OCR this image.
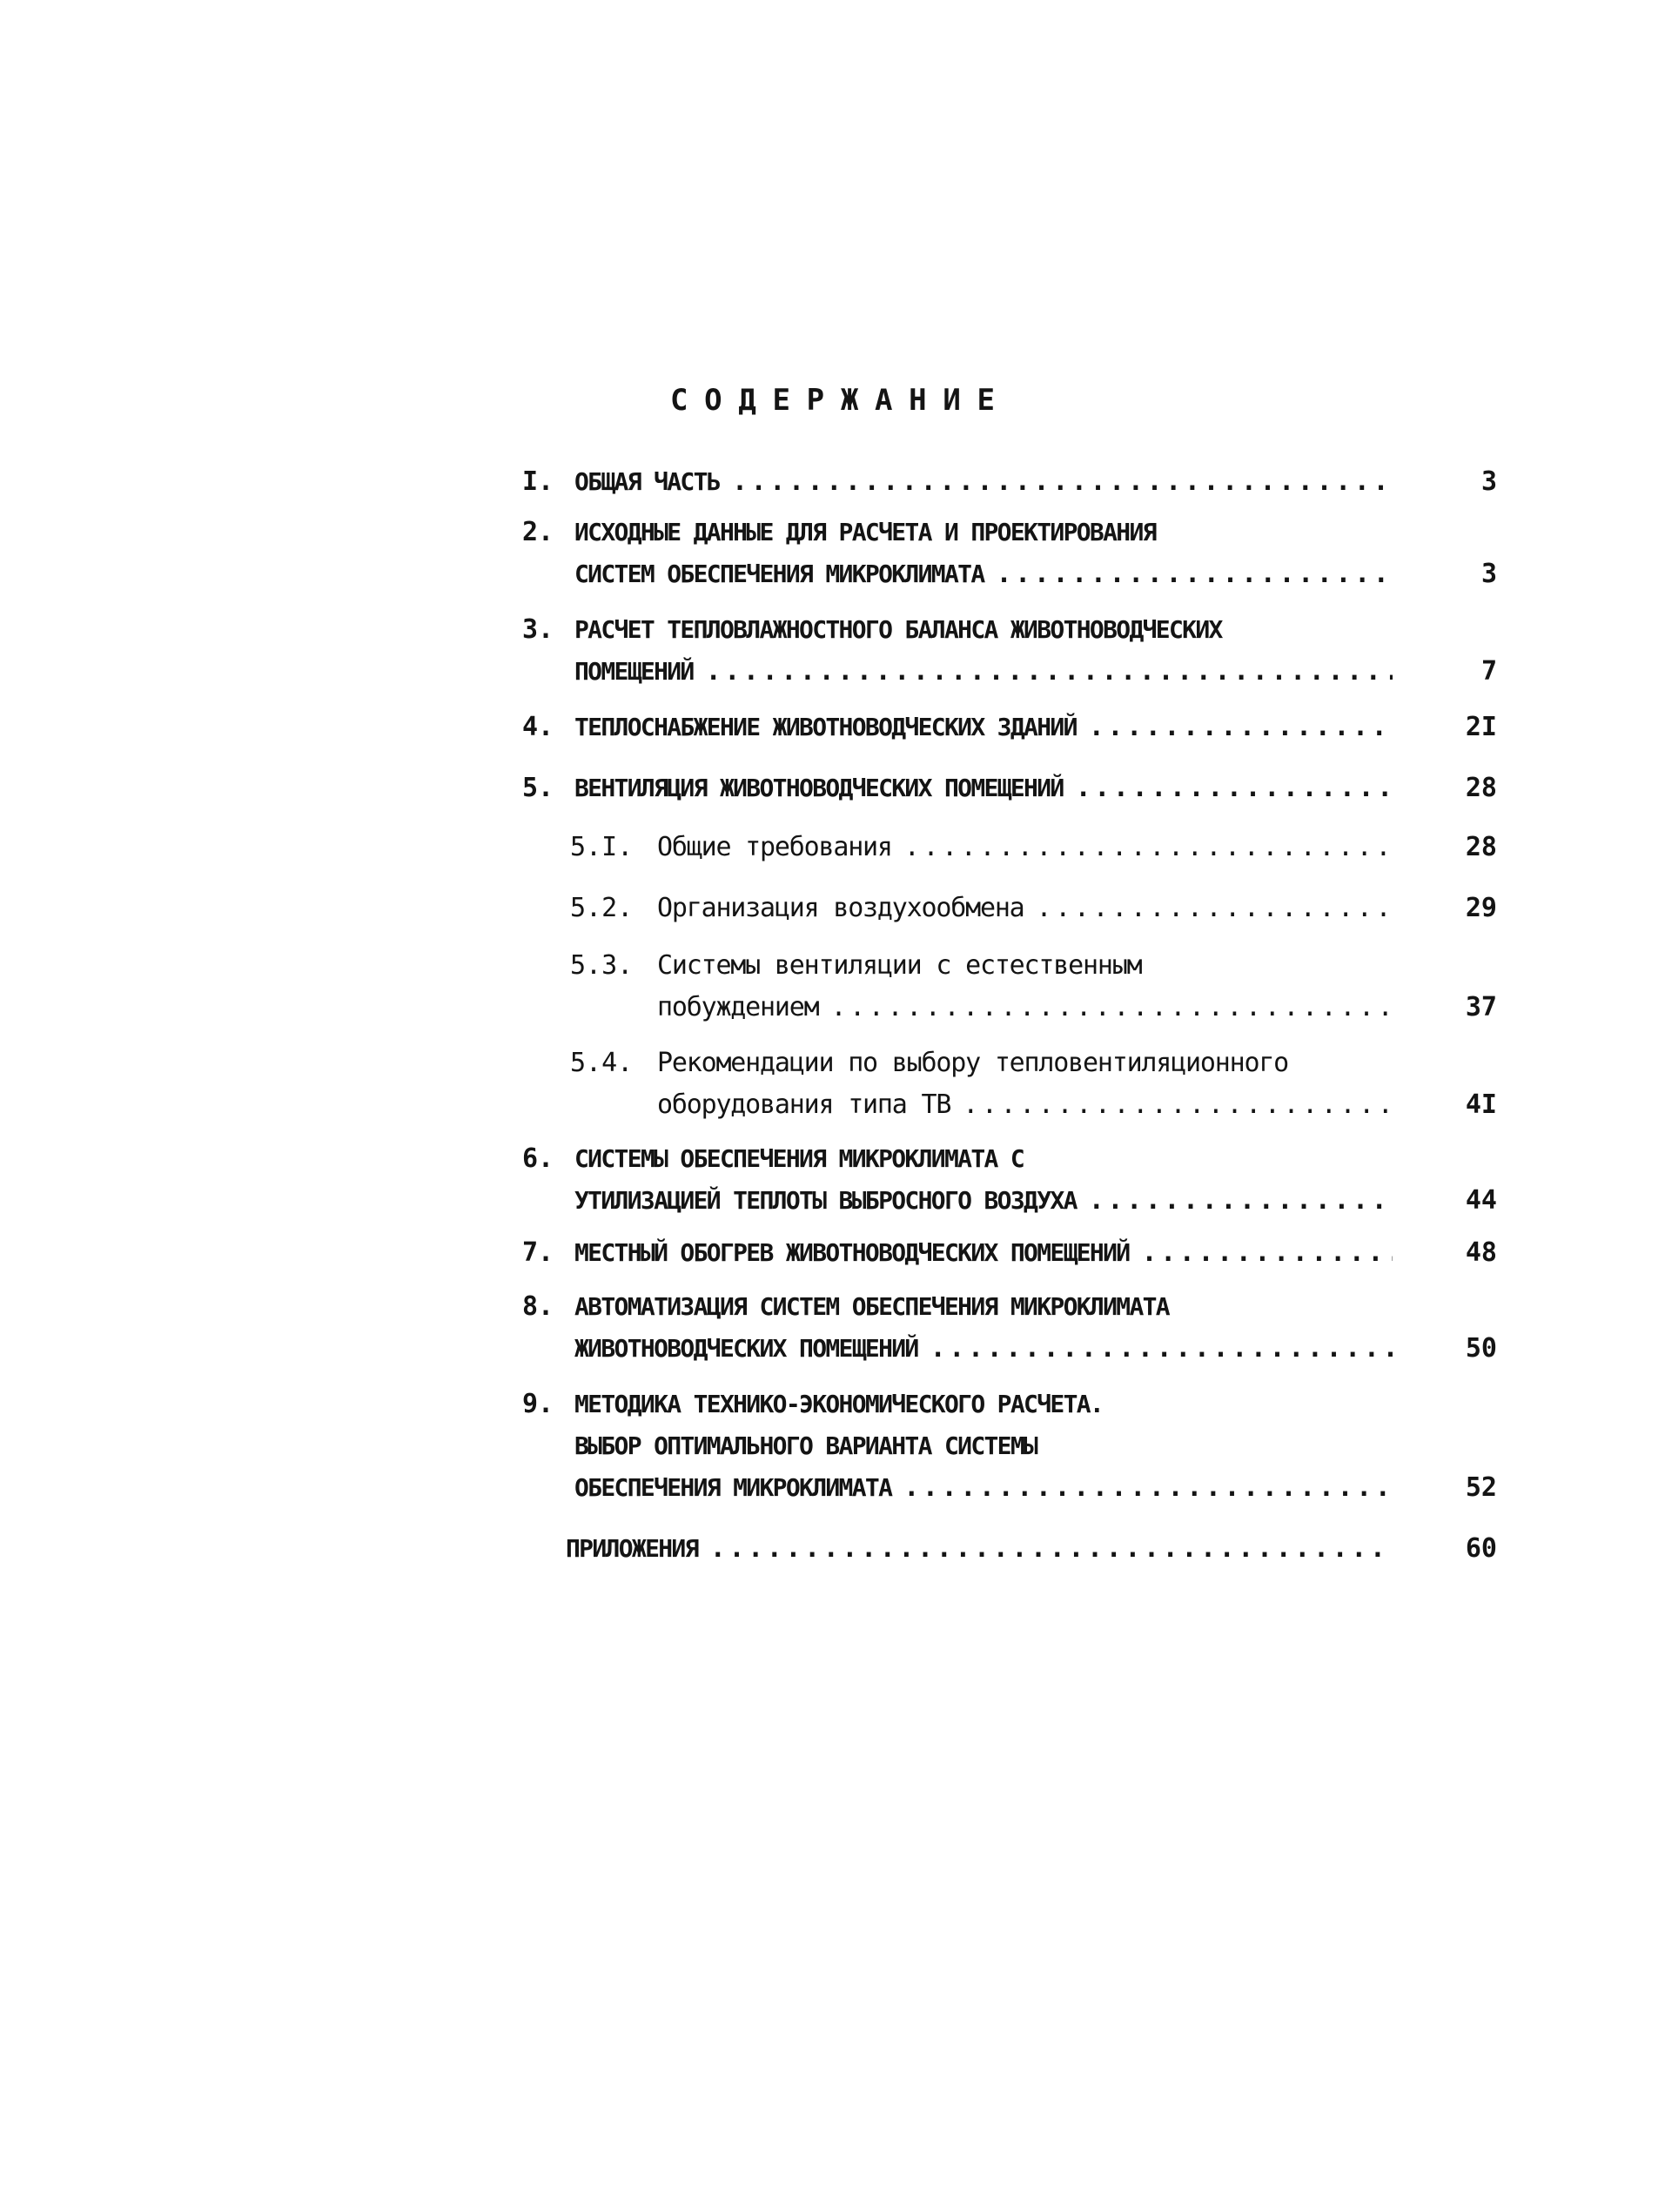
СОДЕРЖАНИЕ
I. ОБЩАЯ ЧАСТЬ .....	3
2. ИСХОДНЫЕ ДАННЫЕ ДЛЯ РАСЧЕТА И ПРОЕКТИРОВАНИЯ
СИСТЕМ ОБЕСПЕЧЕНИЯ МИКРОКЛИМАТА .....	3
3. РАСЧЕТ ТЕПЛОВЛАЖНОСТНОГО БАЛАНСА ЖИВОТНОВОДЧЕСКИХ
ПОМЕЩЕНИЙ .....	7
4. ТЕПЛОСНАБЖЕНИЕ ЖИВОТНОВОДЧЕСКИХ ЗДАНИЙ .....	2I
5. ВЕНТИЛЯЦИЯ ЖИВОТНОВОДЧЕСКИХ ПОМЕЩЕНИЙ .....	28
5.I. Общие требования .....	28
5.2. Организация воздухообмена .....	29
5.3. Системы вентиляции с естественным
побуждением .....	37
5.4. Рекомендации по выбору тепловентиляционного
оборудования типа ТВ .....	4I
6. СИСТЕМЫ ОБЕСПЕЧЕНИЯ МИКРОКЛИМАТА С
УТИЛИЗАЦИЕЙ ТЕПЛОТЫ ВЫБРОСНОГО ВОЗДУХА .....	44
7. МЕСТНЫЙ ОБОГРЕВ ЖИВОТНОВОДЧЕСКИХ ПОМЕЩЕНИЙ .....	48
8. АВТОМАТИЗАЦИЯ СИСТЕМ ОБЕСПЕЧЕНИЯ МИКРОКЛИМАТА
ЖИВОТНОВОДЧЕСКИХ ПОМЕЩЕНИЙ .....	50
9. МЕТОДИКА ТЕХНИКО-ЭКОНОМИЧЕСКОГО РАСЧЕТА.
ВЫБОР ОПТИМАЛЬНОГО ВАРИАНТА СИСТЕМЫ
ОБЕСПЕЧЕНИЯ МИКРОКЛИМАТА .....	52
ПРИЛОЖЕНИЯ .....	60
